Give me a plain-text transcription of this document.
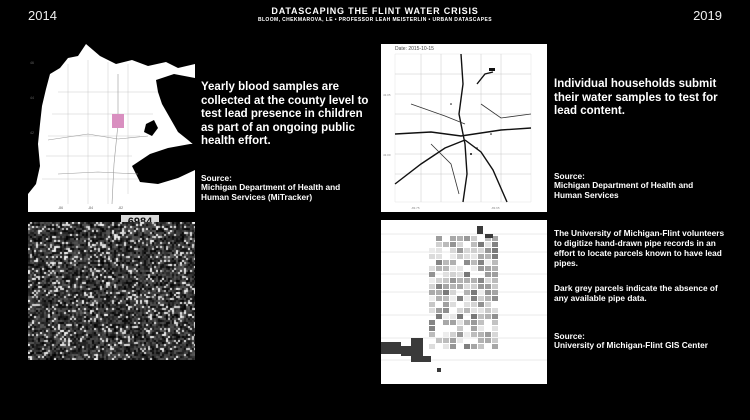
2014	2019
DATASCAPING THE FLINT WATER CRISIS
BLOOM, CHEKMAROVA, LE • PROFESSOR LEAH MEISTERLIN • URBAN DATASCAPES
46
44
42
-86	-84	-82
Yearly blood samples are collected at the county level to test lead presence in children as part of an ongoing public health effort.
Source:
Michigan Department of Health and Human Services (MiTracker)
Date: 2015-10-15
43.05
43.00
-83.75	-83.65
Individual households submit their water samples to test for lead content.
Source:
Michigan Department of Health and Human Services
The University of Michigan-Flint volunteers to digitize hand-drawn pipe records in an effort to locate parcels known to have lead pipes.
Dark grey parcels indicate the absence of any available pipe data.
Source:
University of Michigan-Flint GIS Center
